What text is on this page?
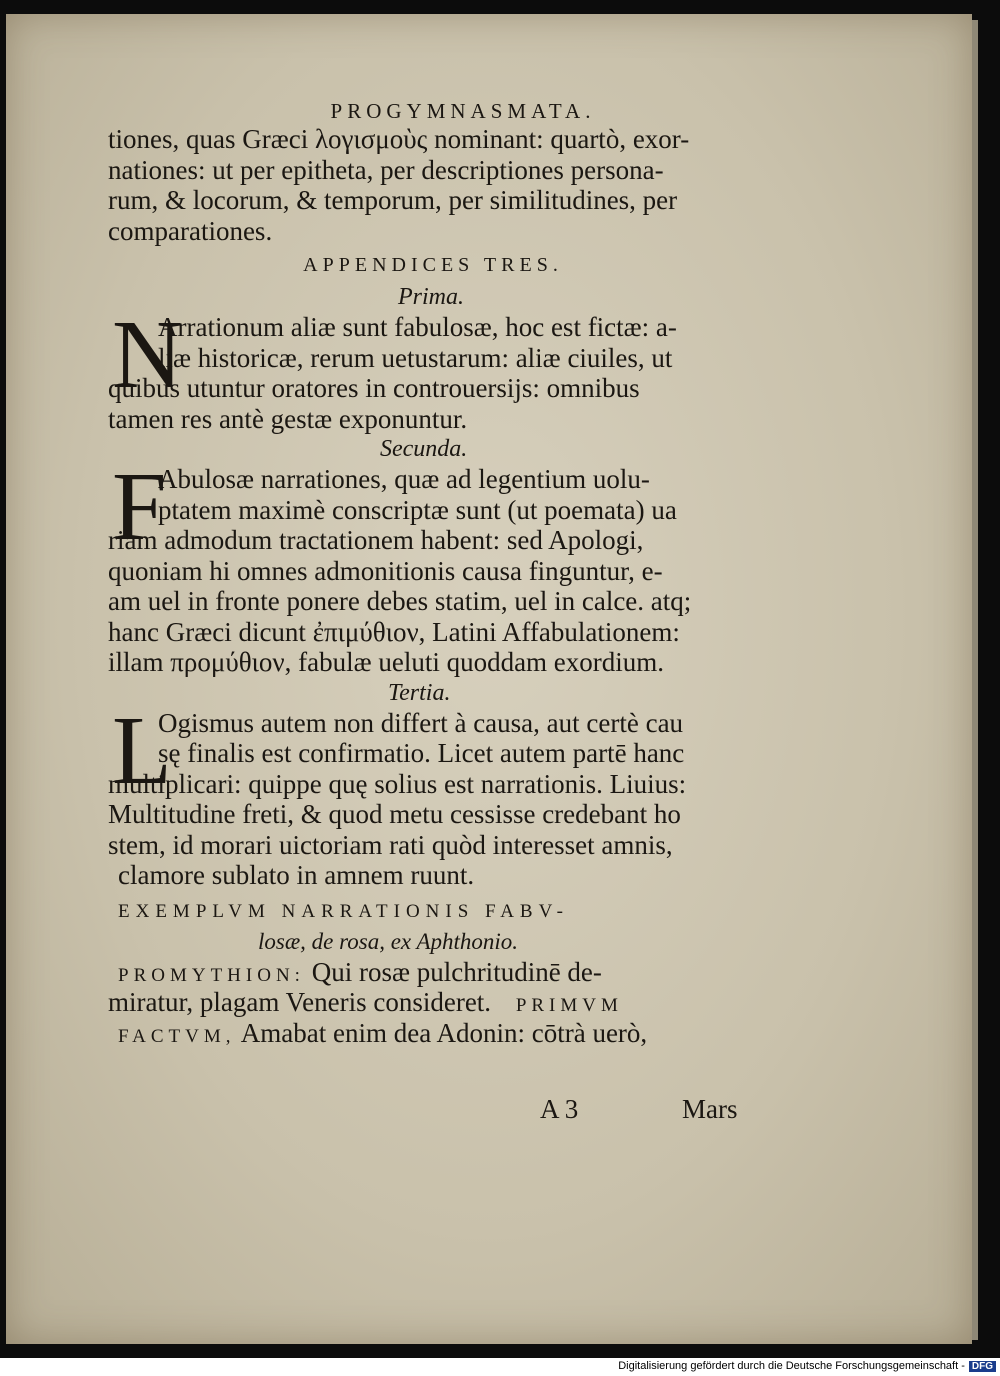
PROGYMNASMATA.
tiones, quas Græci λογισμοὺς nominant: quartò, exor-
nationes: ut per epitheta, per descriptiones persona-
rum, & locorum, & temporum, per similitudines, per
comparationes.
APPENDICES TRES.
Prima.
N
Arrationum aliæ sunt fabulosæ, hoc est fictæ: a-
liæ historicæ, rerum uetustarum: aliæ ciuiles, ut
quibus utuntur oratores in controuersijs: omnibus
tamen res antè gestæ exponuntur.
Secunda.
F
Abulosæ narrationes, quæ ad legentium uolu-
ptatem maximè conscriptæ sunt (ut poemata) ua
riam admodum tractationem habent: sed Apologi,
quoniam hi omnes admonitionis causa finguntur, e-
am uel in fronte ponere debes statim, uel in calce. atq;
hanc Græci dicunt ἐπιμύθιον, Latini Affabulationem:
illam προμύθιον, fabulæ ueluti quoddam exordium.
Tertia.
L
Ogismus autem non differt à causa, aut certè cau
sę finalis est confirmatio. Licet autem partē hanc
multiplicari: quippe quę solius est narrationis. Liuius:
Multitudine freti, & quod metu cessisse credebant ho
stem, id morari uictoriam rati quòd interesset amnis,
clamore sublato in amnem ruunt.
EXEMPLVM NARRATIONIS FABV-
losæ, de rosa, ex Aphthonio.
PROMYTHION: Qui rosæ pulchritudinē de-
miratur, plagam Veneris consideret. PRIMVM
FACTVM, Amabat enim dea Adonin: cōtrà uerò,
A 3	Mars
Digitalisierung gefördert durch die Deutsche Forschungsgemeinschaft - DFG
